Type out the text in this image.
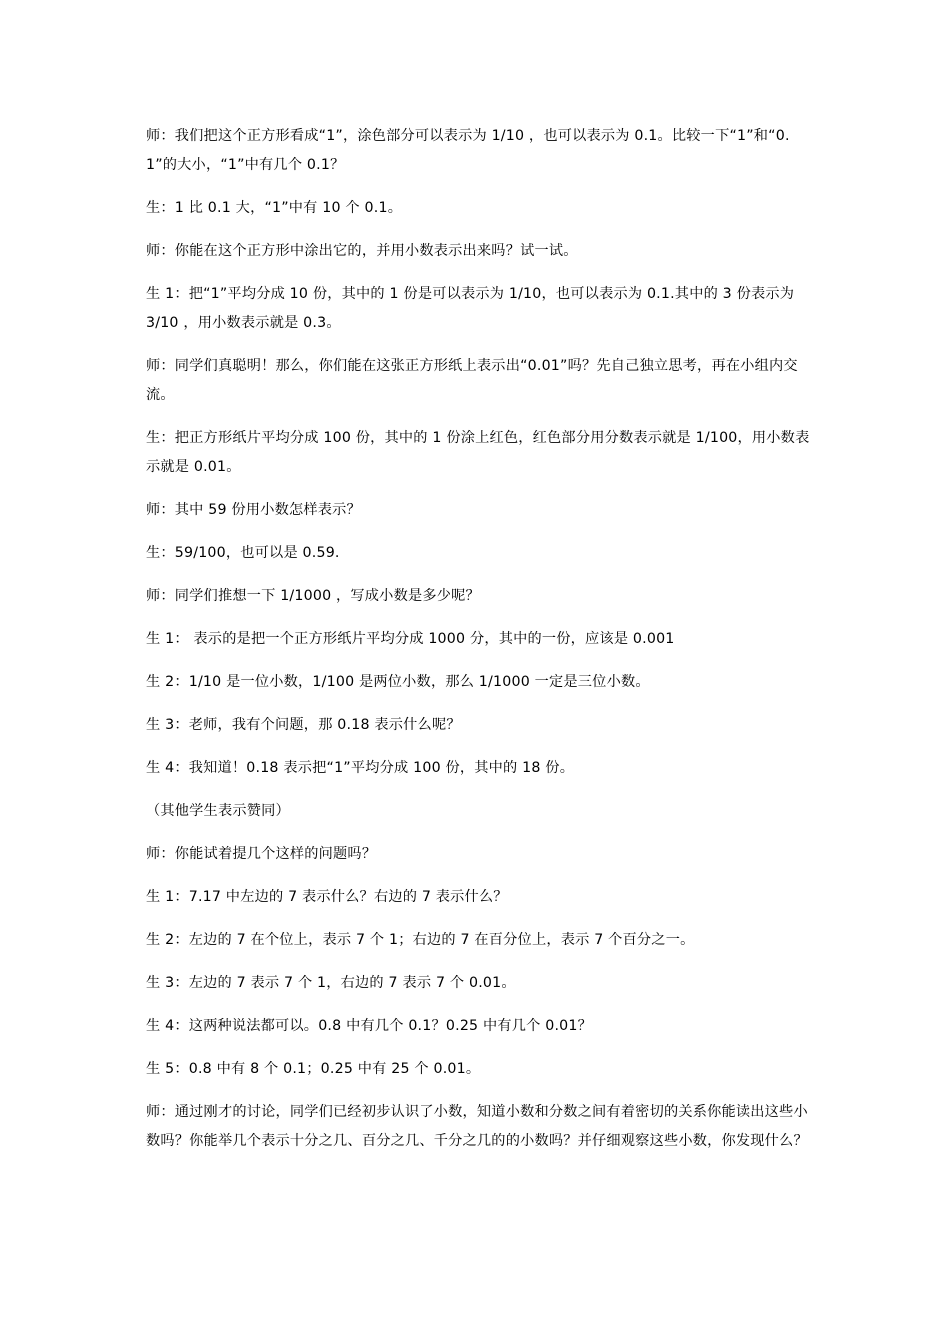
师：我们把这个正方形看成“1”，涂色部分可以表示为 1/10 ，也可以表示为 0.1。比较一下“1”和“0.1”的大小，“1”中有几个 0.1？

生：1 比 0.1 大，“1”中有 10 个 0.1。

师：你能在这个正方形中涂出它的，并用小数表示出来吗？试一试。

生 1：把“1”平均分成 10 份，其中的 1 份是可以表示为 1/10，也可以表示为 0.1.其中的 3 份表示为 3/10 ，用小数表示就是 0.3。

师：同学们真聪明！那么，你们能在这张正方形纸上表示出“0.01”吗？先自己独立思考，再在小组内交流。

生：把正方形纸片平均分成 100 份，其中的 1 份涂上红色，红色部分用分数表示就是 1/100，用小数表示就是 0.01。

师：其中 59 份用小数怎样表示？

生：59/100，也可以是 0.59.

师：同学们推想一下 1/1000 ，写成小数是多少呢？

生 1： 表示的是把一个正方形纸片平均分成 1000 分，其中的一份，应该是 0.001

生 2：1/10 是一位小数，1/100 是两位小数，那么 1/1000 一定是三位小数。

生 3：老师，我有个问题，那 0.18 表示什么呢？

生 4：我知道！0.18 表示把“1”平均分成 100 份，其中的 18 份。

（其他学生表示赞同）

师：你能试着提几个这样的问题吗？

生 1：7.17 中左边的 7 表示什么？右边的 7 表示什么？

生 2：左边的 7 在个位上，表示 7 个 1；右边的 7 在百分位上，表示 7 个百分之一。

生 3：左边的 7 表示 7 个 1，右边的 7 表示 7 个 0.01。

生 4：这两种说法都可以。0.8 中有几个 0.1？0.25 中有几个 0.01？

生 5：0.8 中有 8 个 0.1；0.25 中有 25 个 0.01。

师：通过刚才的讨论，同学们已经初步认识了小数，知道小数和分数之间有着密切的关系你能读出这些小数吗？你能举几个表示十分之几、百分之几、千分之几的的小数吗？并仔细观察这些小数，你发现什么？
